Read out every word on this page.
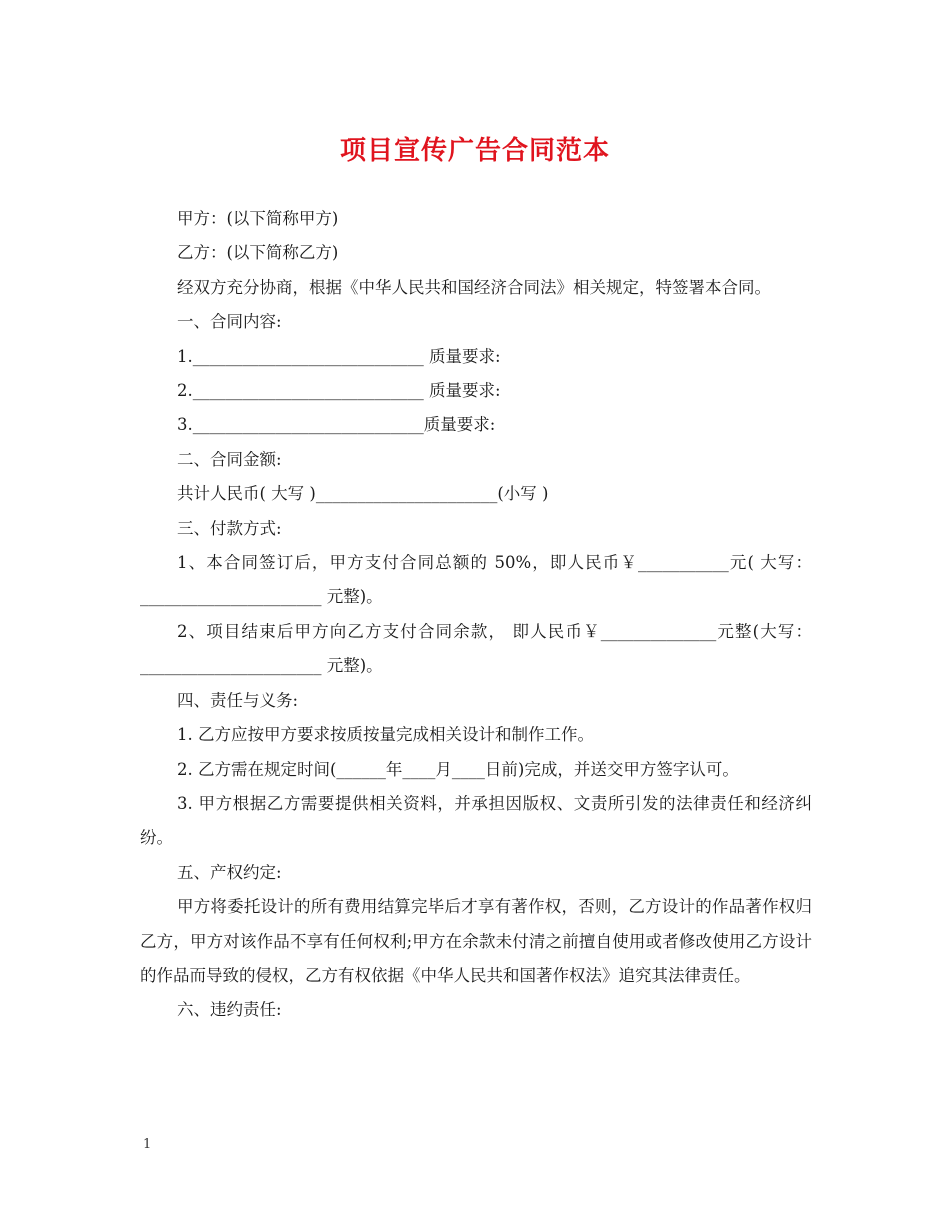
项目宣传广告合同范本

甲方：(以下简称甲方)

乙方：(以下简称乙方)

经双方充分协商，根据《中华人民共和国经济合同法》相关规定，特签署本合同。

一、合同内容:

1.____________________________ 质量要求:

2.____________________________ 质量要求:

3.____________________________质量要求:

二、合同金额:

共计人民币( 大写 )______________________(小写 )

三、付款方式:

1、本合同签订后，甲方支付合同总额的 50%，即人民币￥___________元( 大写：______________________ 元整)。

2、项目结束后甲方向乙方支付合同余款， 即人民币￥______________元整(大写：______________________ 元整)。

四、责任与义务:

1. 乙方应按甲方要求按质按量完成相关设计和制作工作。

2. 乙方需在规定时间(______年____月____日前)完成，并送交甲方签字认可。

3. 甲方根据乙方需要提供相关资料，并承担因版权、文责所引发的法律责任和经济纠纷。

五、产权约定:

甲方将委托设计的所有费用结算完毕后才享有著作权，否则，乙方设计的作品著作权归乙方，甲方对该作品不享有任何权利;甲方在余款未付清之前擅自使用或者修改使用乙方设计的作品而导致的侵权，乙方有权依据《中华人民共和国著作权法》追究其法律责任。

六、违约责任:

1
